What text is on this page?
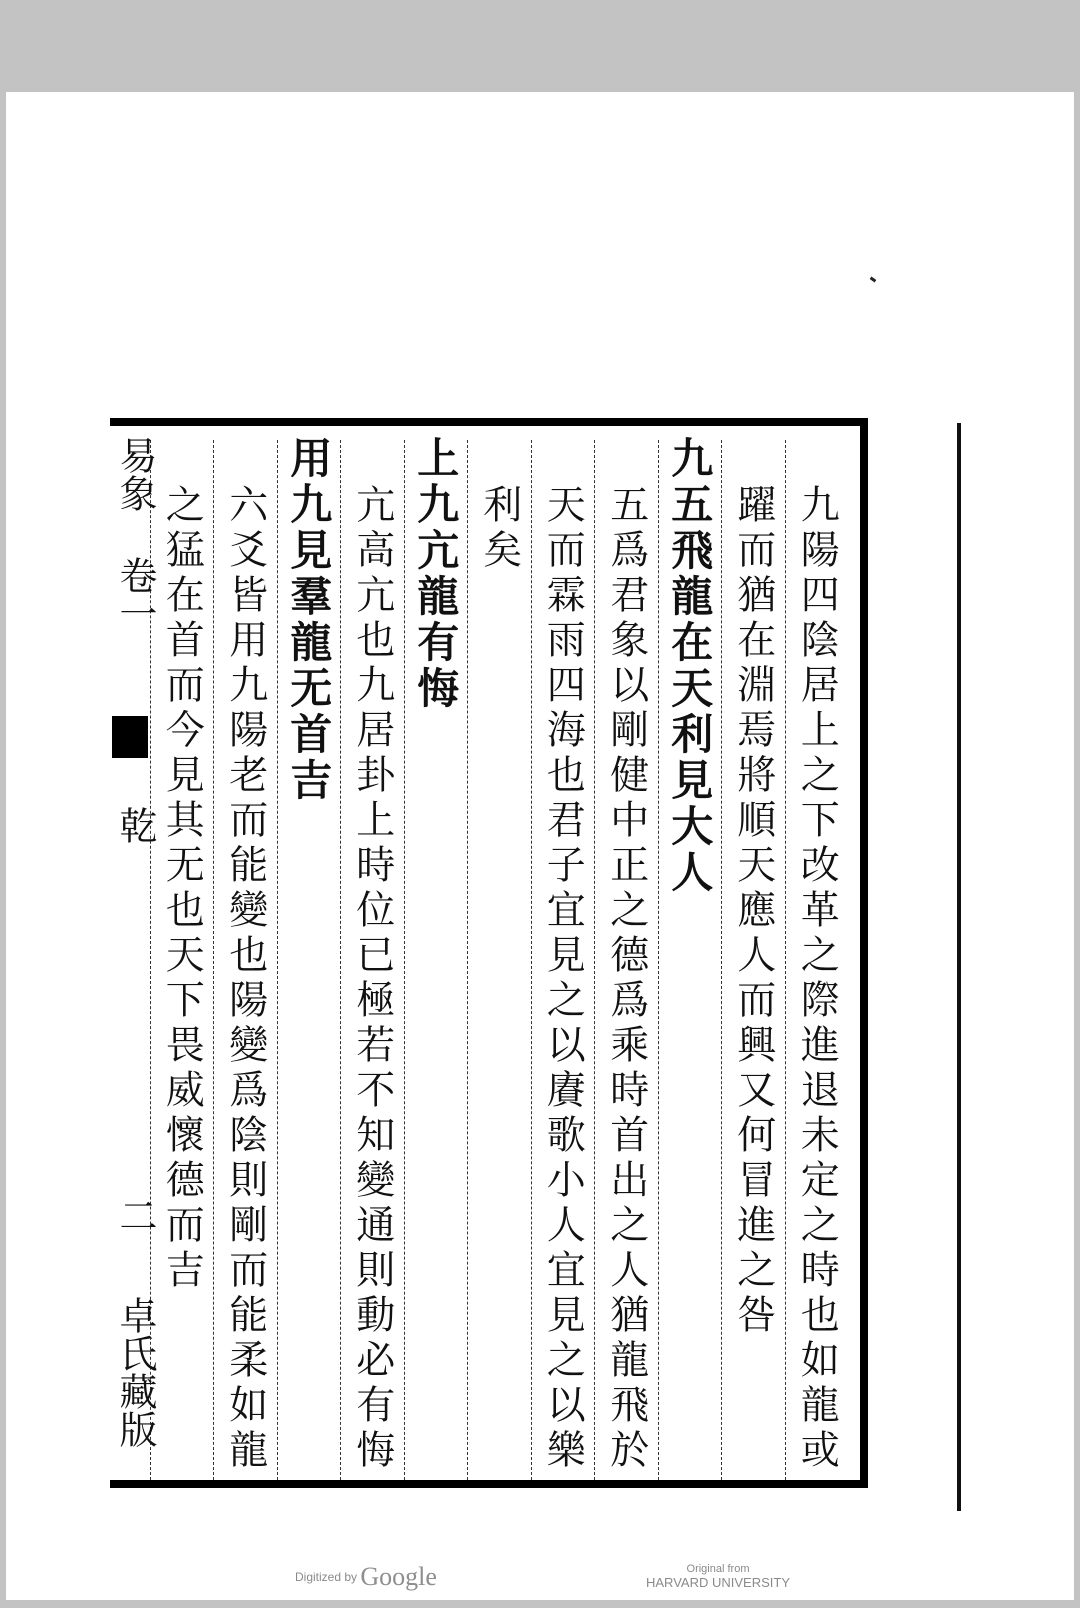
九陽四陰居上之下改革之際進退未定之時也如龍或
躍而猶在淵焉將順天應人而興又何冒進之咎
九五飛龍在天利見大人
五爲君象以剛健中正之德爲乘時首出之人猶龍飛於
天而霖雨四海也君子宜見之以賡歌小人宜見之以樂
利矣
上九亢龍有悔
亢高亢也九居卦上時位已極若不知變通則動必有悔
用九見羣龍无首吉
六爻皆用九陽老而能變也陽變爲陰則剛而能柔如龍
之猛在首而今見其无也天下畏威懷德而吉
易象
卷一
乾
二
卓氏藏版
Digitized by Google	Original from
HARVARD UNIVERSITY
